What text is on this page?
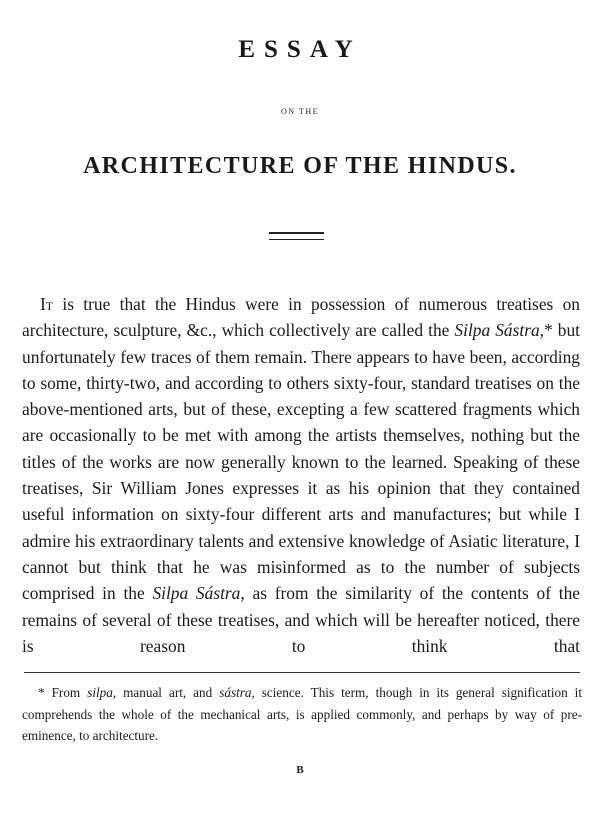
ESSAY
ON THE
ARCHITECTURE OF THE HINDUS.

It is true that the Hindus were in possession of numerous treatises on architecture, sculpture, &c., which collectively are called the Silpa Sástra,* but unfortunately few traces of them remain. There appears to have been, according to some, thirty-two, and according to others sixty-four, standard treatises on the above-mentioned arts, but of these, excepting a few scattered fragments which are occasionally to be met with among the artists themselves, nothing but the titles of the works are now generally known to the learned. Speaking of these treatises, Sir William Jones expresses it as his opinion that they contained useful information on sixty-four different arts and manufactures; but while I admire his extraordinary talents and extensive knowledge of Asiatic literature, I cannot but think that he was misinformed as to the number of subjects comprised in the Silpa Sástra, as from the similarity of the contents of the remains of several of these treatises, and which will be hereafter noticed, there is reason to think that

* From silpa, manual art, and sástra, science. This term, though in its general signification it comprehends the whole of the mechanical arts, is applied commonly, and perhaps by way of pre-eminence, to architecture.

B
